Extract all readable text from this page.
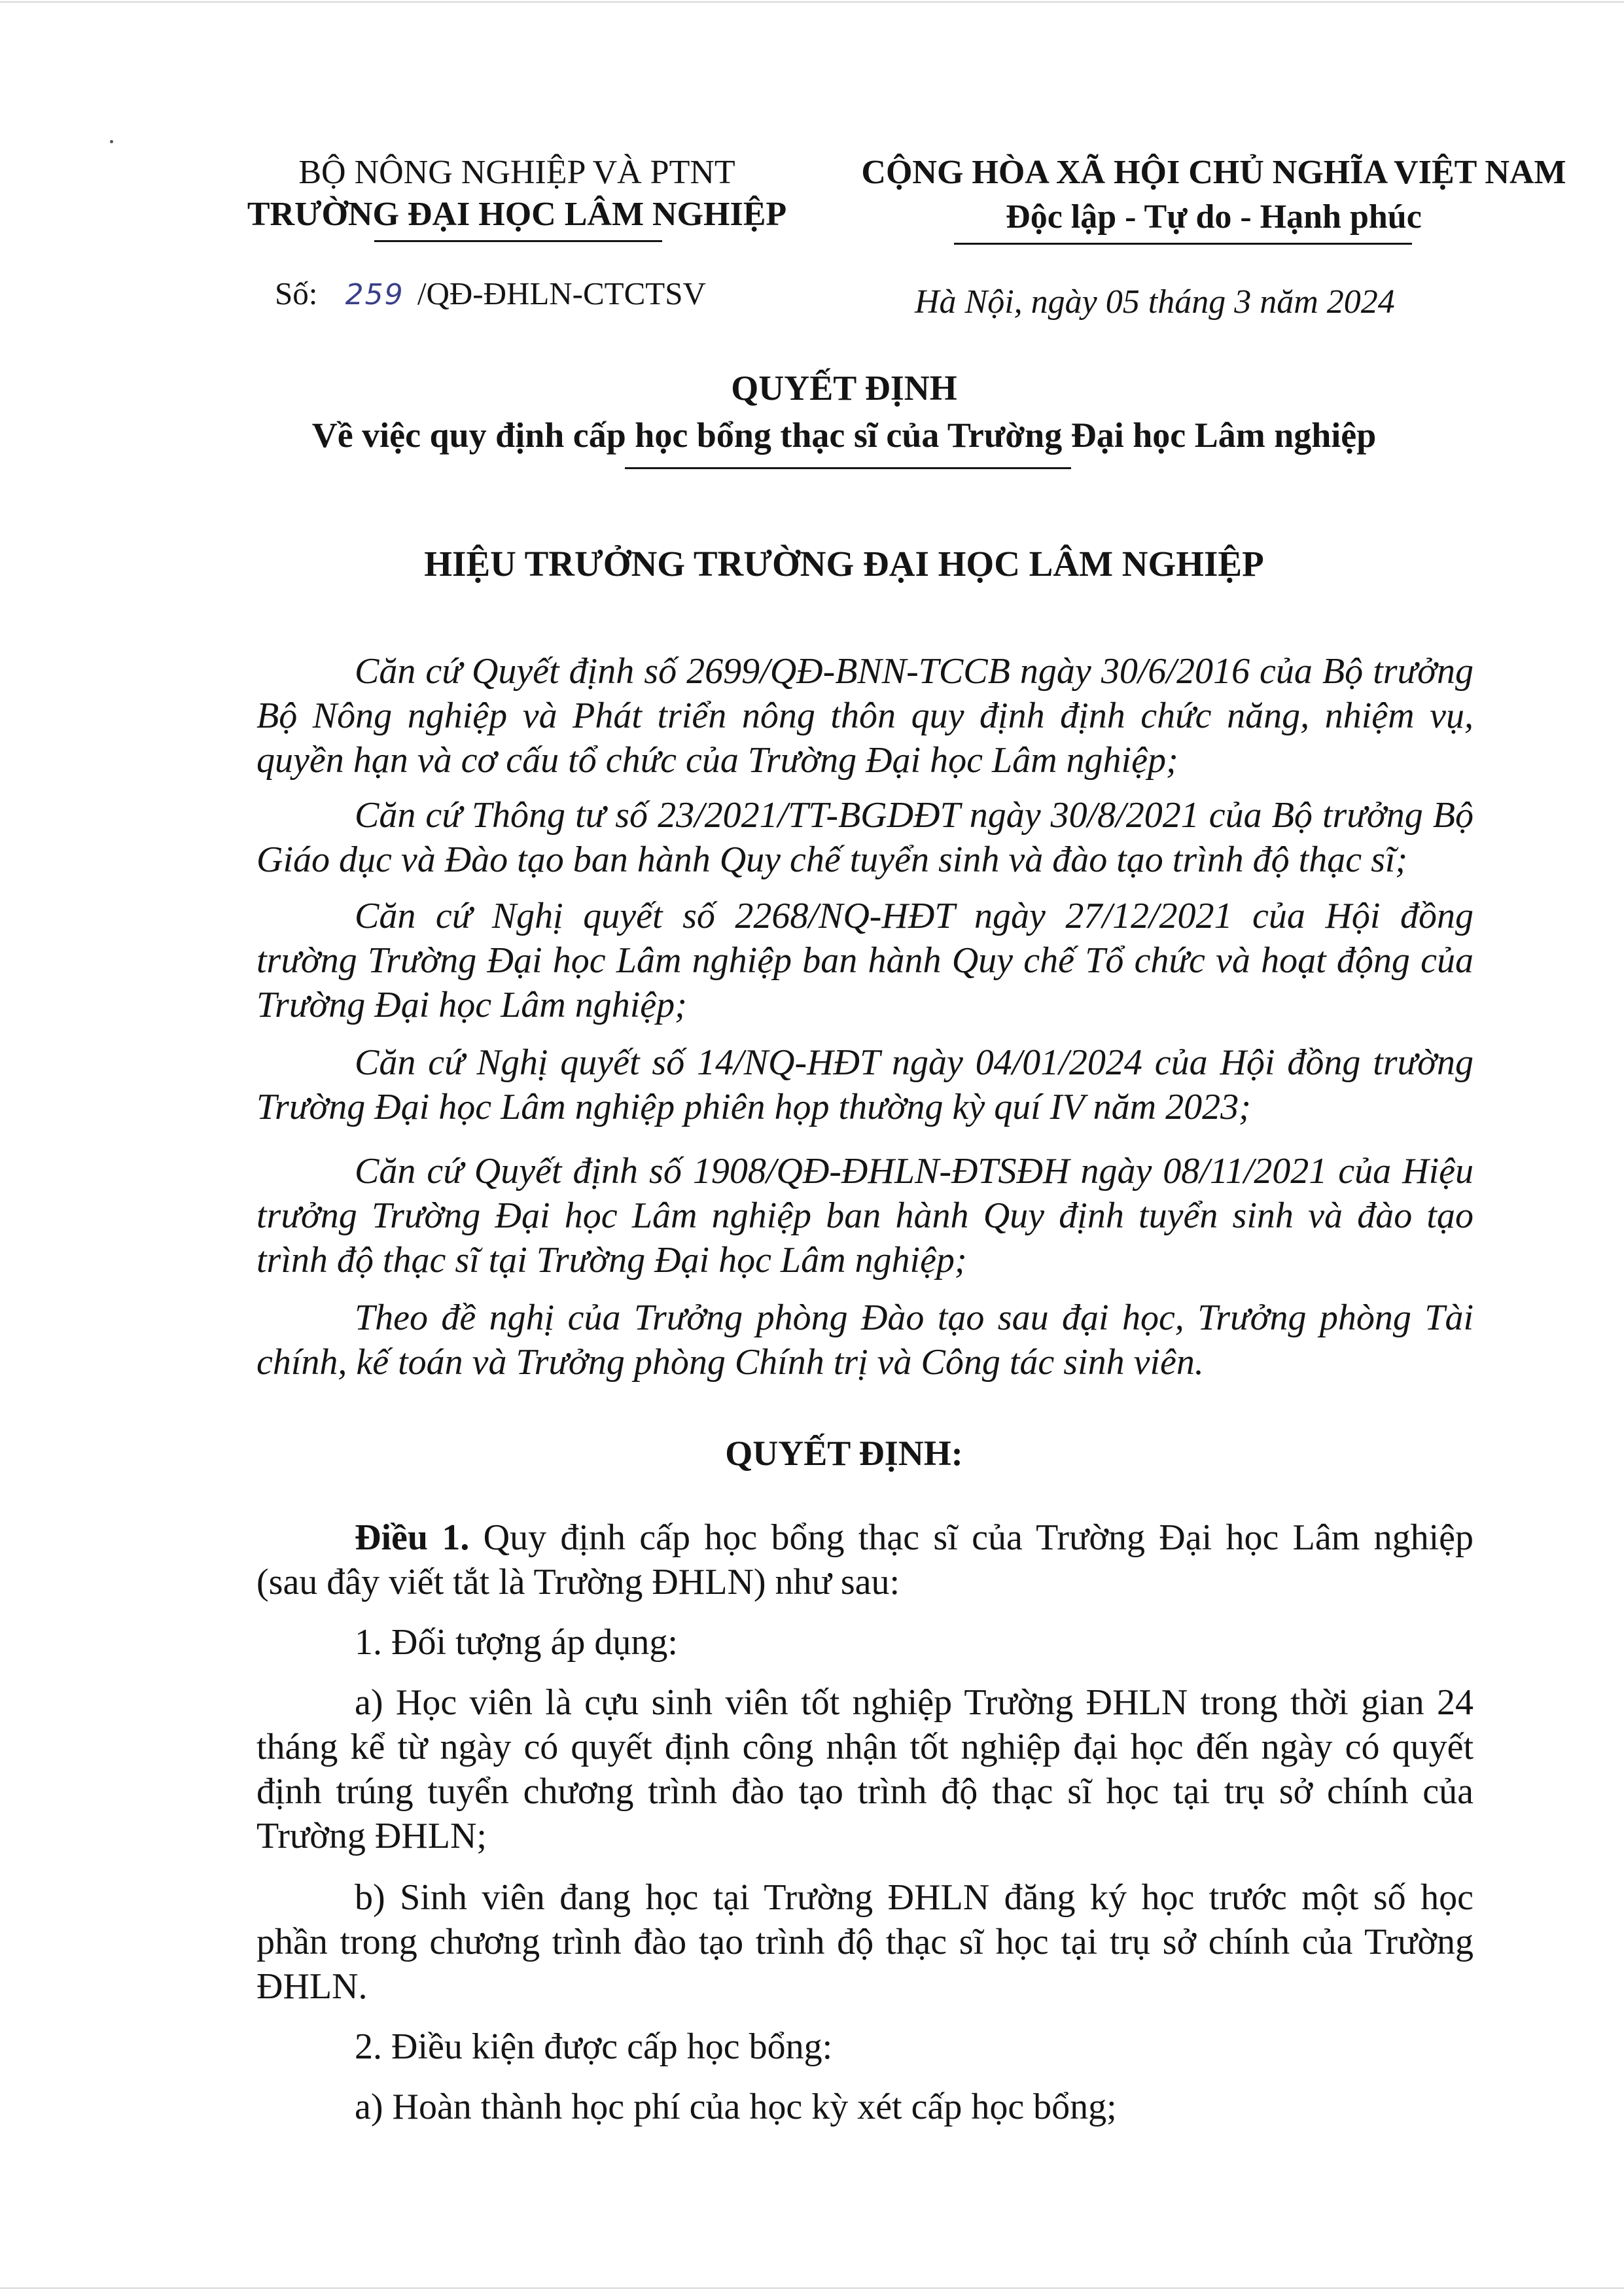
BỘ NÔNG NGHIỆP VÀ PTNT
TRƯỜNG ĐẠI HỌC LÂM NGHIỆP
CỘNG HÒA XÃ HỘI CHỦ NGHĨA VIỆT NAM
Độc lập - Tự do - Hạnh phúc
Số: 259 /QĐ-ĐHLN-CTCTSV	Hà Nội, ngày 05 tháng 3 năm 2024
QUYẾT ĐỊNH
Về việc quy định cấp học bổng thạc sĩ của Trường Đại học Lâm nghiệp
HIỆU TRƯỞNG TRƯỜNG ĐẠI HỌC LÂM NGHIỆP
Căn cứ Quyết định số 2699/QĐ-BNN-TCCB ngày 30/6/2016 của Bộ trưởng Bộ Nông nghiệp và Phát triển nông thôn quy định định chức năng, nhiệm vụ, quyền hạn và cơ cấu tổ chức của Trường Đại học Lâm nghiệp;
Căn cứ Thông tư số 23/2021/TT-BGDĐT ngày 30/8/2021 của Bộ trưởng Bộ Giáo dục và Đào tạo ban hành Quy chế tuyển sinh và đào tạo trình độ thạc sĩ;
Căn cứ Nghị quyết số 2268/NQ-HĐT ngày 27/12/2021 của Hội đồng trường Trường Đại học Lâm nghiệp ban hành Quy chế Tổ chức và hoạt động của Trường Đại học Lâm nghiệp;
Căn cứ Nghị quyết số 14/NQ-HĐT ngày 04/01/2024 của Hội đồng trường Trường Đại học Lâm nghiệp phiên họp thường kỳ quí IV năm 2023;
Căn cứ Quyết định số 1908/QĐ-ĐHLN-ĐTSĐH ngày 08/11/2021 của Hiệu trưởng Trường Đại học Lâm nghiệp ban hành Quy định tuyển sinh và đào tạo trình độ thạc sĩ tại Trường Đại học Lâm nghiệp;
Theo đề nghị của Trưởng phòng Đào tạo sau đại học, Trưởng phòng Tài chính, kế toán và Trưởng phòng Chính trị và Công tác sinh viên.
QUYẾT ĐỊNH:
Điều 1. Quy định cấp học bổng thạc sĩ của Trường Đại học Lâm nghiệp (sau đây viết tắt là Trường ĐHLN) như sau:
1. Đối tượng áp dụng:
a) Học viên là cựu sinh viên tốt nghiệp Trường ĐHLN trong thời gian 24 tháng kể từ ngày có quyết định công nhận tốt nghiệp đại học đến ngày có quyết định trúng tuyển chương trình đào tạo trình độ thạc sĩ học tại trụ sở chính của Trường ĐHLN;
b) Sinh viên đang học tại Trường ĐHLN đăng ký học trước một số học phần trong chương trình đào tạo trình độ thạc sĩ học tại trụ sở chính của Trường ĐHLN.
2. Điều kiện được cấp học bổng:
a) Hoàn thành học phí của học kỳ xét cấp học bổng;
